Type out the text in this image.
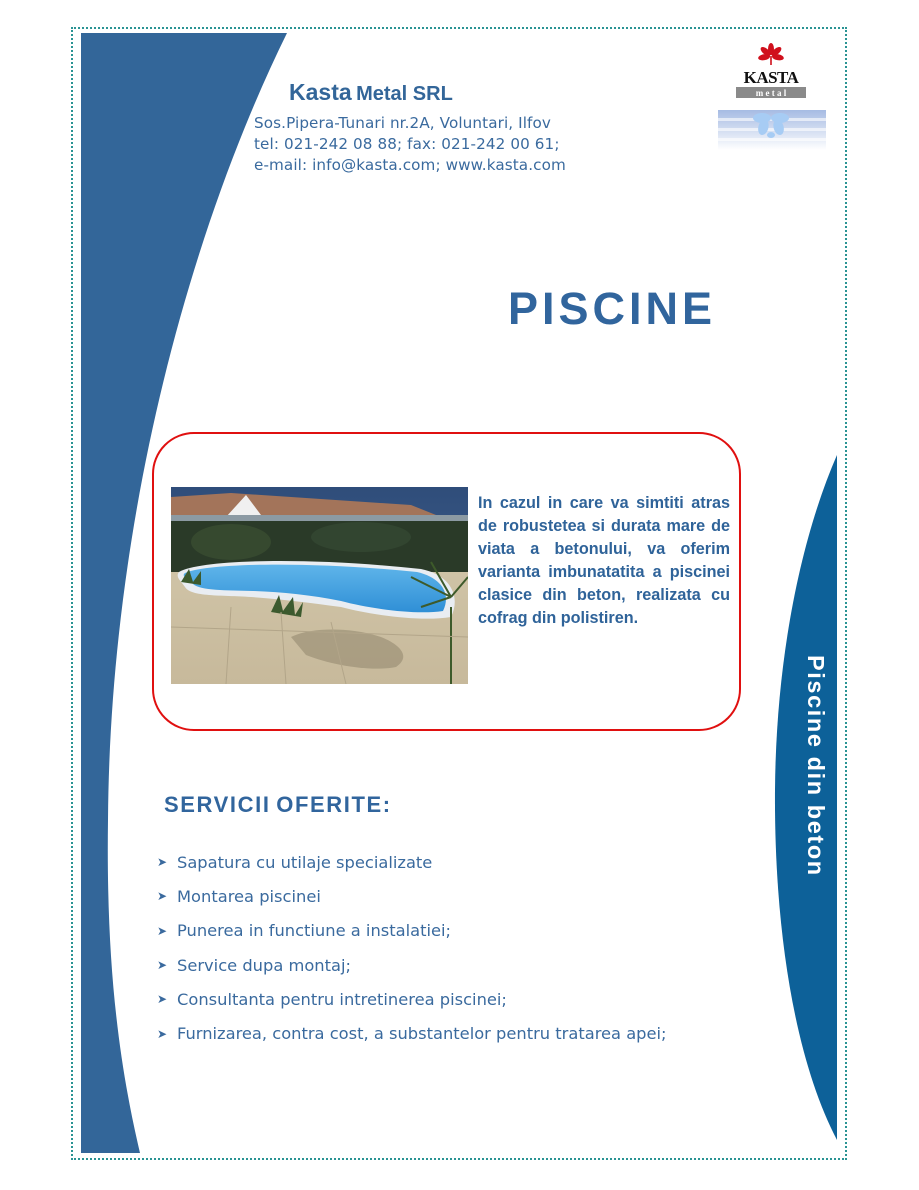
Kasta Metal SRL
Sos.Pipera-Tunari nr.2A, Voluntari, Ilfov
tel: 021-242 08 88; fax: 021-242 00 61;
e-mail: info@kasta.com; www.kasta.com
KASTA
m e t a l
PISCINE
In cazul in care va simtiti atras de robustetea si durata mare de viata a betonului, va oferim varianta imbunatatita a piscinei clasice din beton, realizata cu cofrag din polistiren.
Piscine din beton
SERVICII OFERITE:
➤ Sapatura cu utilaje specializate
➤ Montarea piscinei
➤ Punerea in functiune a instalatiei;
➤ Service dupa montaj;
➤ Consultanta pentru intretinerea piscinei;
➤ Furnizarea, contra cost, a substantelor pentru tratarea apei;
